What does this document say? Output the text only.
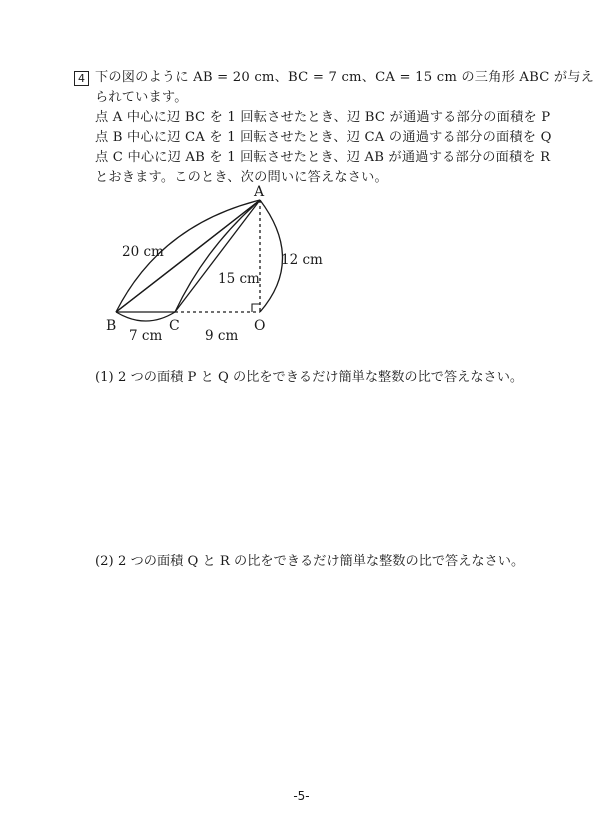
4 下の図のように AB = 20 cm、BC = 7 cm、CA = 15 cm の三角形 ABC が与え
られています。
点 A 中心に辺 BC を 1 回転させたとき、辺 BC が通過する部分の面積を P
点 B 中心に辺 CA を 1 回転させたとき、辺 CA の通過する部分の面積を Q
点 C 中心に辺 AB を 1 回転させたとき、辺 AB が通過する部分の面積を R
とおきます。このとき、次の問いに答えなさい。
A
B	C	O
20 cm
15 cm
12 cm
7 cm	9 cm
(1) 2 つの面積 P と Q の比をできるだけ簡単な整数の比で答えなさい。
(2) 2 つの面積 Q と R の比をできるだけ簡単な整数の比で答えなさい。
-5-
